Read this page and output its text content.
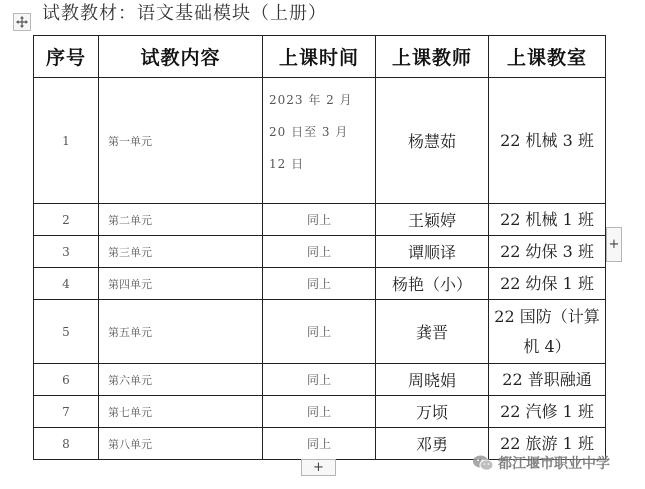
试教教材：语文基础模块（上册）
序号	试教内容	上课时间	上课教师	上课教室
1	第一单元	2023 年 2 月 20 日至 3 月 12 日	杨慧茹	22 机械 3 班
2	第二单元	同上	王颖婷	22 机械 1 班
3	第三单元	同上	谭顺译	22 幼保 3 班
4	第四单元	同上	杨艳（小）	22 幼保 1 班
5	第五单元	同上	龚晋	22 国防（计算机 4）
6	第六单元	同上	周晓娟	22 普职融通
7	第七单元	同上	万顷	22 汽修 1 班
8	第八单元	同上	邓勇	22 旅游 1 班
+
+	都江堰市职业中学
